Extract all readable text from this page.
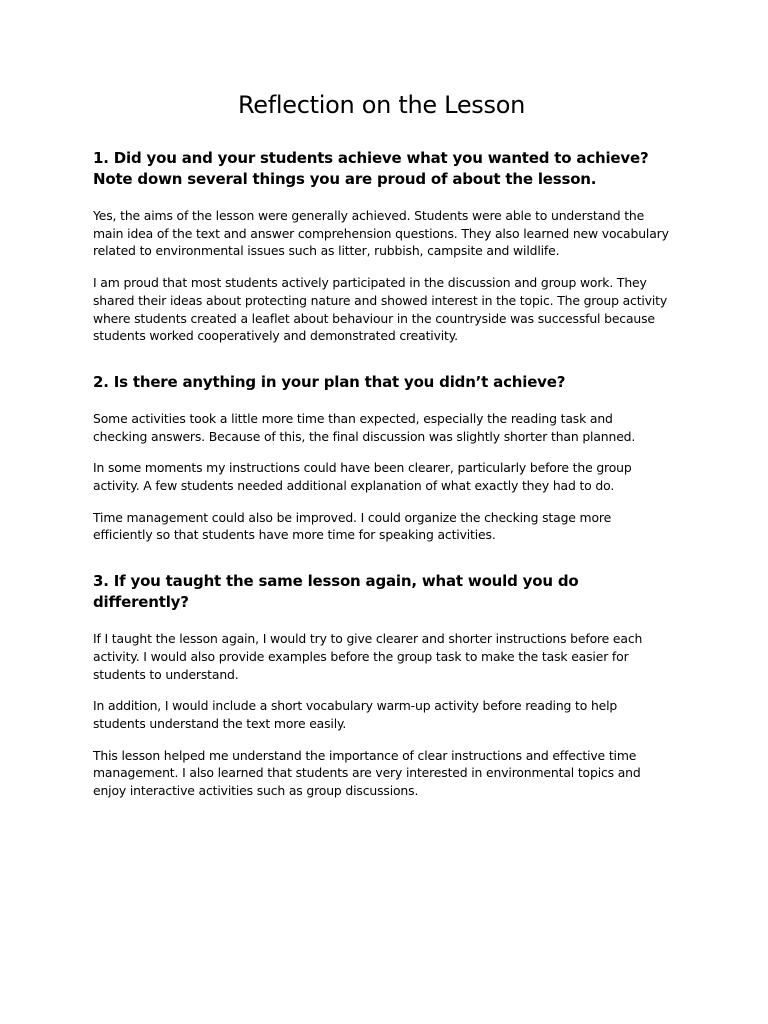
Reflection on the Lesson
1. Did you and your students achieve what you wanted to achieve? Note down several things you are proud of about the lesson.

Yes, the aims of the lesson were generally achieved. Students were able to understand the main idea of the text and answer comprehension questions. They also learned new vocabulary related to environmental issues such as litter, rubbish, campsite and wildlife.

I am proud that most students actively participated in the discussion and group work. They shared their ideas about protecting nature and showed interest in the topic. The group activity where students created a leaflet about behaviour in the countryside was successful because students worked cooperatively and demonstrated creativity.

2. Is there anything in your plan that you didn’t achieve?

Some activities took a little more time than expected, especially the reading task and checking answers. Because of this, the final discussion was slightly shorter than planned.

In some moments my instructions could have been clearer, particularly before the group activity. A few students needed additional explanation of what exactly they had to do.

Time management could also be improved. I could organize the checking stage more efficiently so that students have more time for speaking activities.

3. If you taught the same lesson again, what would you do differently?

If I taught the lesson again, I would try to give clearer and shorter instructions before each activity. I would also provide examples before the group task to make the task easier for students to understand.

In addition, I would include a short vocabulary warm-up activity before reading to help students understand the text more easily.

This lesson helped me understand the importance of clear instructions and effective time management. I also learned that students are very interested in environmental topics and enjoy interactive activities such as group discussions.
